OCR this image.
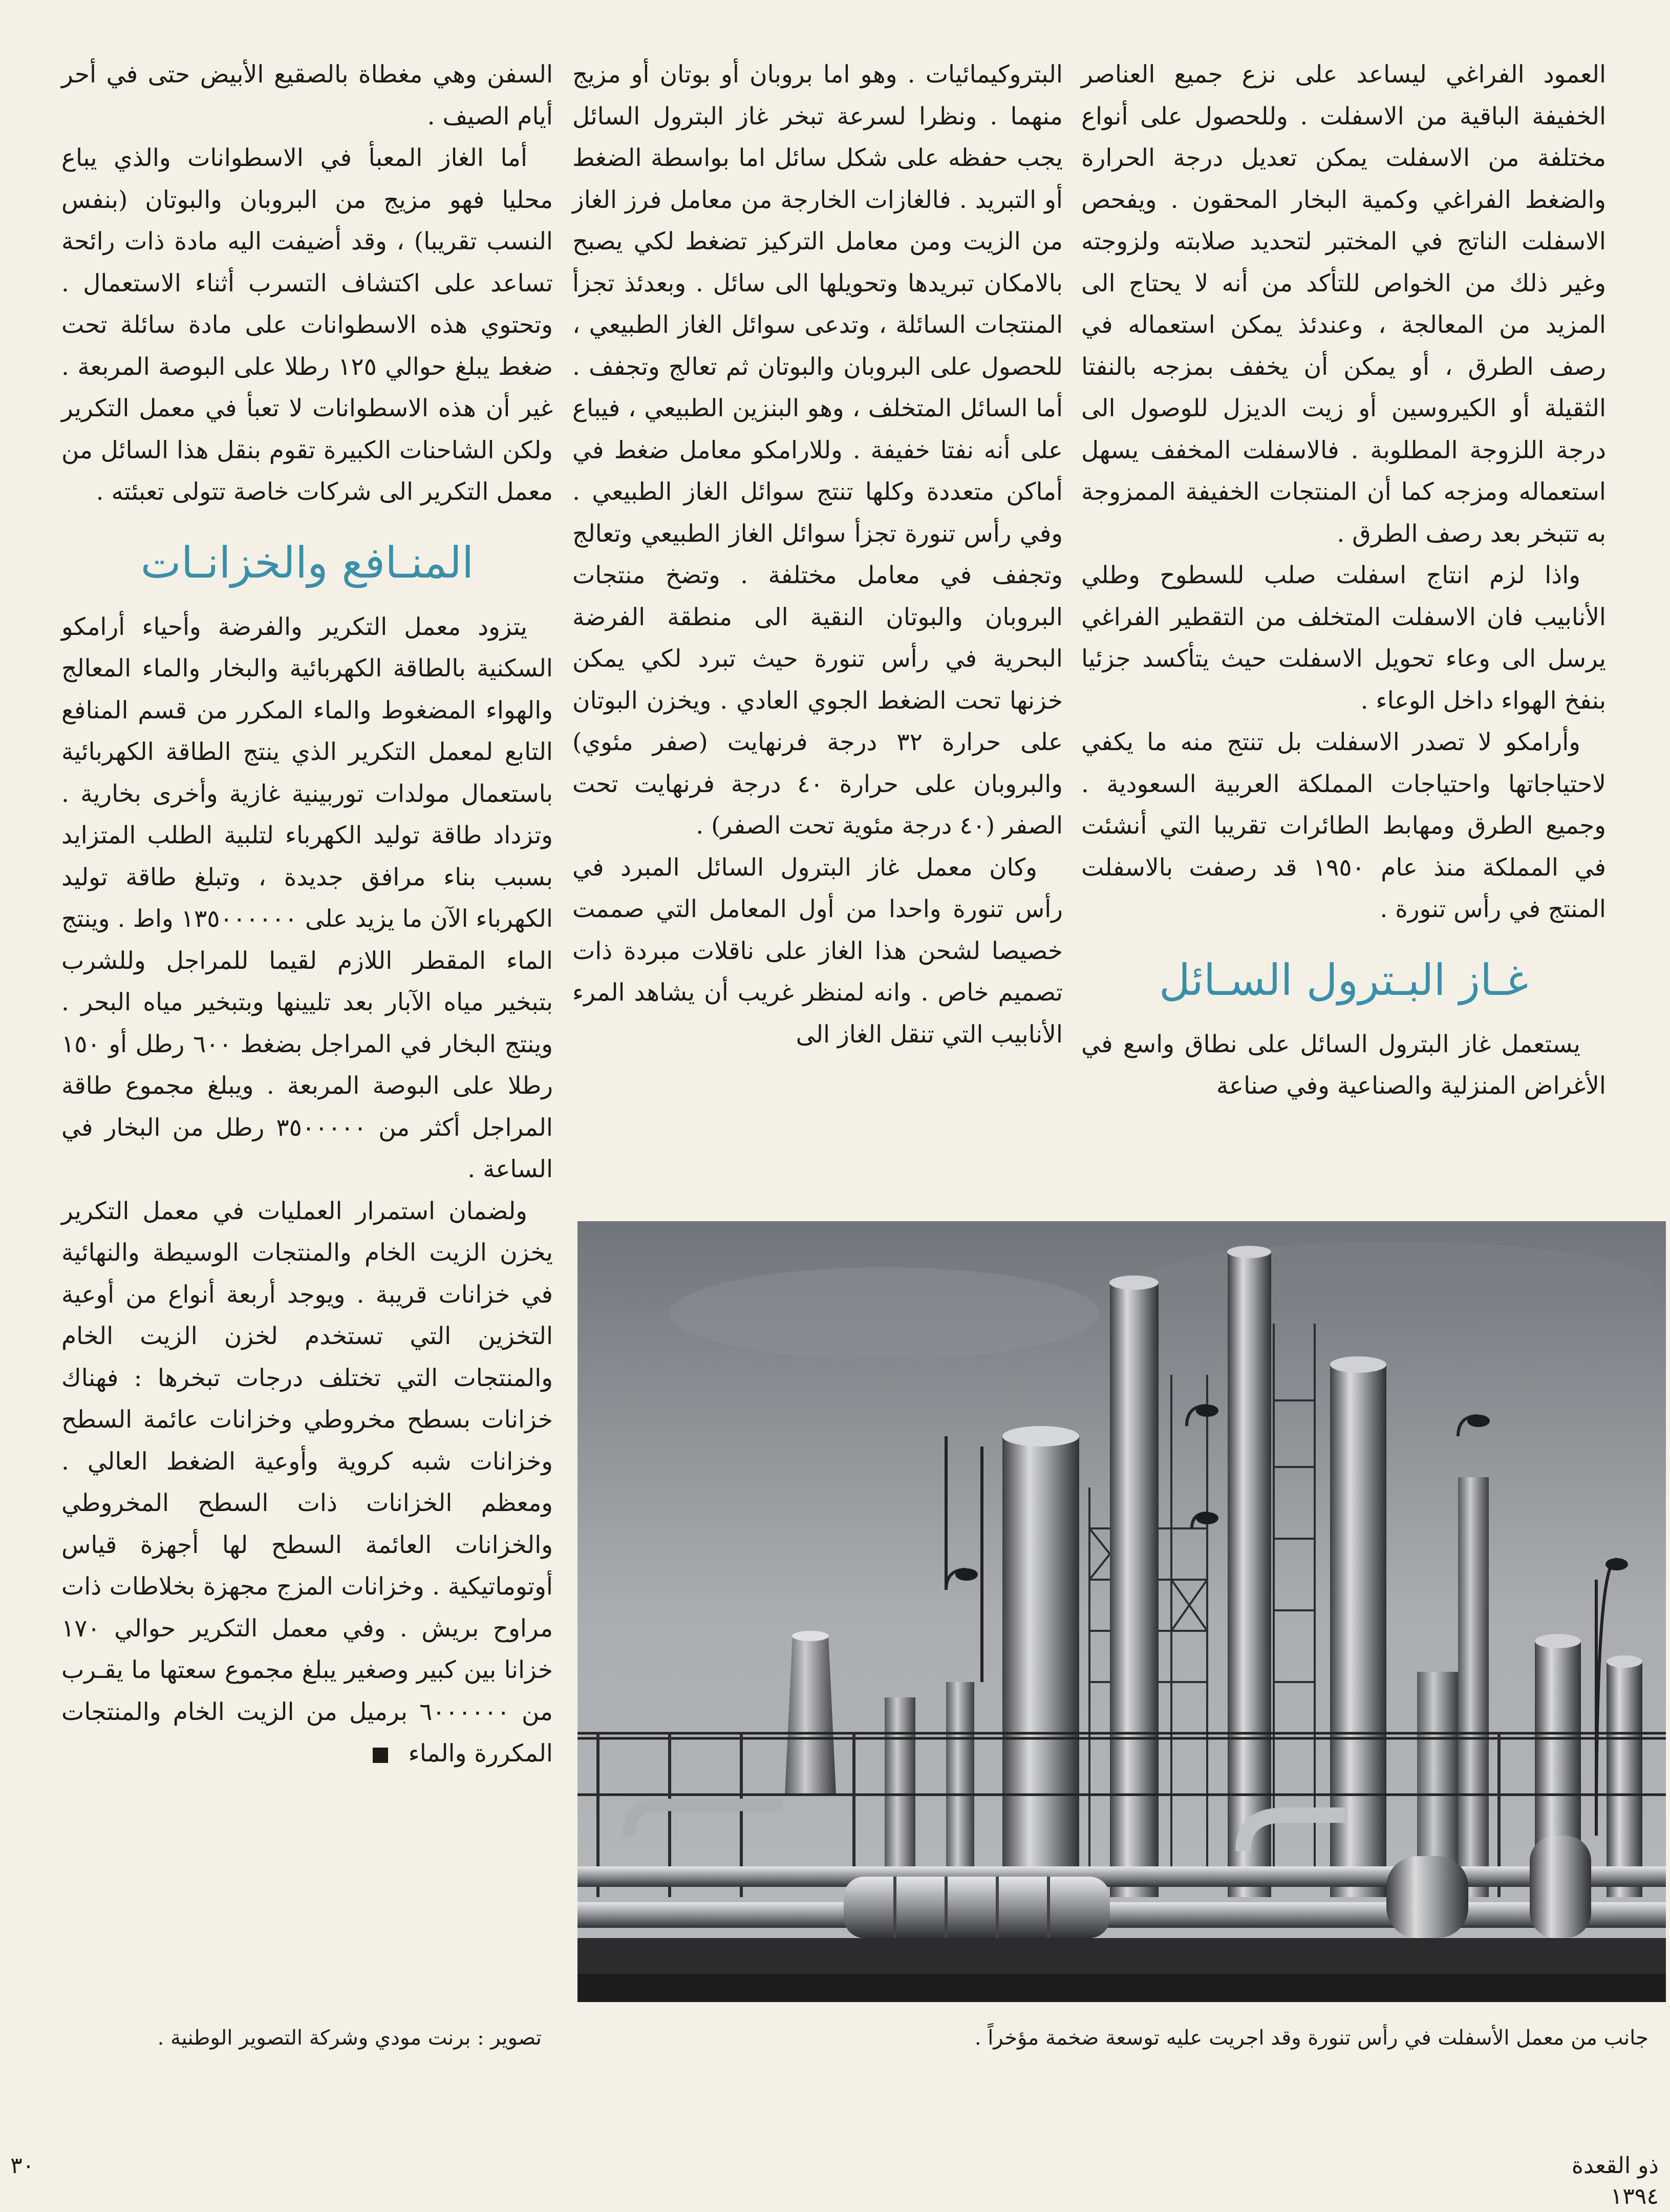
العمود الفراغي ليساعد على نزع جميع العناصر الخفيفة الباقية من الاسفلت . وللحصول على أنواع مختلفة من الاسفلت يمكن تعديل درجة الحرارة والضغط الفراغي وكمية البخار المحقون . ويفحص الاسفلت الناتج في المختبر لتحديد صلابته ولزوجته وغير ذلك من الخواص للتأكد من أنه لا يحتاج الى المزيد من المعالجة ، وعندئذ يمكن استعماله في رصف الطرق ، أو يمكن أن يخفف بمزجه بالنفتا الثقيلة أو الكيروسين أو زيت الديزل للوصول الى درجة اللزوجة المطلوبة . فالاسفلت المخفف يسهل استعماله ومزجه كما أن المنتجات الخفيفة الممزوجة به تتبخر بعد رصف الطرق .

واذا لزم انتاج اسفلت صلب للسطوح وطلي الأنابيب فان الاسفلت المتخلف من التقطير الفراغي يرسل الى وعاء تحويل الاسفلت حيث يتأكسد جزئيا بنفخ الهواء داخل الوعاء .

وأرامكو لا تصدر الاسفلت بل تنتج منه ما يكفي لاحتياجاتها واحتياجات المملكة العربية السعودية . وجميع الطرق ومهابط الطائرات تقريبا التي أنشئت في المملكة منذ عام ١٩٥٠ قد رصفت بالاسفلت المنتج في رأس تنورة .

غـاز البـترول السـائل

يستعمل غاز البترول السائل على نطاق واسع في الأغراض المنزلية والصناعية وفي صناعة

البتروكيمائيات . وهو اما بروبان أو بوتان أو مزيج منهما . ونظرا لسرعة تبخر غاز البترول السائل يجب حفظه على شكل سائل اما بواسطة الضغط أو التبريد . فالغازات الخارجة من معامل فرز الغاز من الزيت ومن معامل التركيز تضغط لكي يصبح بالامكان تبريدها وتحويلها الى سائل . وبعدئذ تجزأ المنتجات السائلة ، وتدعى سوائل الغاز الطبيعي ، للحصول على البروبان والبوتان ثم تعالج وتجفف . أما السائل المتخلف ، وهو البنزين الطبيعي ، فيباع على أنه نفتا خفيفة . وللارامكو معامل ضغط في أماكن متعددة وكلها تنتج سوائل الغاز الطبيعي . وفي رأس تنورة تجزأ سوائل الغاز الطبيعي وتعالج وتجفف في معامل مختلفة . وتضخ منتجات البروبان والبوتان النقية الى منطقة الفرضة البحرية في رأس تنورة حيث تبرد لكي يمكن خزنها تحت الضغط الجوي العادي . ويخزن البوتان على حرارة ٣٢ درجة فرنهايت (صفر مئوي) والبروبان على حرارة ٤٠ درجة فرنهايت تحت الصفر (٤٠ درجة مئوية تحت الصفر) .

وكان معمل غاز البترول السائل المبرد في رأس تنورة واحدا من أول المعامل التي صممت خصيصا لشحن هذا الغاز على ناقلات مبردة ذات تصميم خاص . وانه لمنظر غريب أن يشاهد المرء الأنابيب التي تنقل الغاز الى

السفن وهي مغطاة بالصقيع الأبيض حتى في أحر أيام الصيف .

أما الغاز المعبأ في الاسطوانات والذي يباع محليا فهو مزيج من البروبان والبوتان (بنفس النسب تقريبا) ، وقد أضيفت اليه مادة ذات رائحة تساعد على اكتشاف التسرب أثناء الاستعمال . وتحتوي هذه الاسطوانات على مادة سائلة تحت ضغط يبلغ حوالي ١٢٥ رطلا على البوصة المربعة . غير أن هذه الاسطوانات لا تعبأ في معمل التكرير ولكن الشاحنات الكبيرة تقوم بنقل هذا السائل من معمل التكرير الى شركات خاصة تتولى تعبئته .

المنـافع والخزانـات

يتزود معمل التكرير والفرضة وأحياء أرامكو السكنية بالطاقة الكهربائية والبخار والماء المعالج والهواء المضغوط والماء المكرر من قسم المنافع التابع لمعمل التكرير الذي ينتج الطاقة الكهربائية باستعمال مولدات توربينية غازية وأخرى بخارية . وتزداد طاقة توليد الكهرباء لتلبية الطلب المتزايد بسبب بناء مرافق جديدة ، وتبلغ طاقة توليد الكهرباء الآن ما يزيد على ١٣٥٠٠٠٠٠٠ واط . وينتج الماء المقطر اللازم لقيما للمراجل وللشرب بتبخير مياه الآبار بعد تليينها وبتبخير مياه البحر . وينتج البخار في المراجل بضغط ٦٠٠ رطل أو ١٥٠ رطلا على البوصة المربعة . ويبلغ مجموع طاقة المراجل أكثر من ٣٥٠٠٠٠٠ رطل من البخار في الساعة .

ولضمان استمرار العمليات في معمل التكرير يخزن الزيت الخام والمنتجات الوسيطة والنهائية في خزانات قريبة . ويوجد أربعة أنواع من أوعية التخزين التي تستخدم لخزن الزيت الخام والمنتجات التي تختلف درجات تبخرها : فهناك خزانات بسطح مخروطي وخزانات عائمة السطح وخزانات شبه كروية وأوعية الضغط العالي . ومعظم الخزانات ذات السطح المخروطي والخزانات العائمة السطح لها أجهزة قياس أوتوماتيكية . وخزانات المزج مجهزة بخلاطات ذات مراوح بريش . وفي معمل التكرير حوالي ١٧٠ خزانا بين كبير وصغير يبلغ مجموع سعتها ما يقـرب من ٦٠٠٠٠٠٠ برميل من الزيت الخام والمنتجات المكررة والماء

جانب من معمل الأسفلت في رأس تنورة وقد اجريت عليه توسعة ضخمة مؤخراً .
تصوير : برنت مودي وشركة التصوير الوطنية .
٣٠	ذو القعدة ١٣٩٤
